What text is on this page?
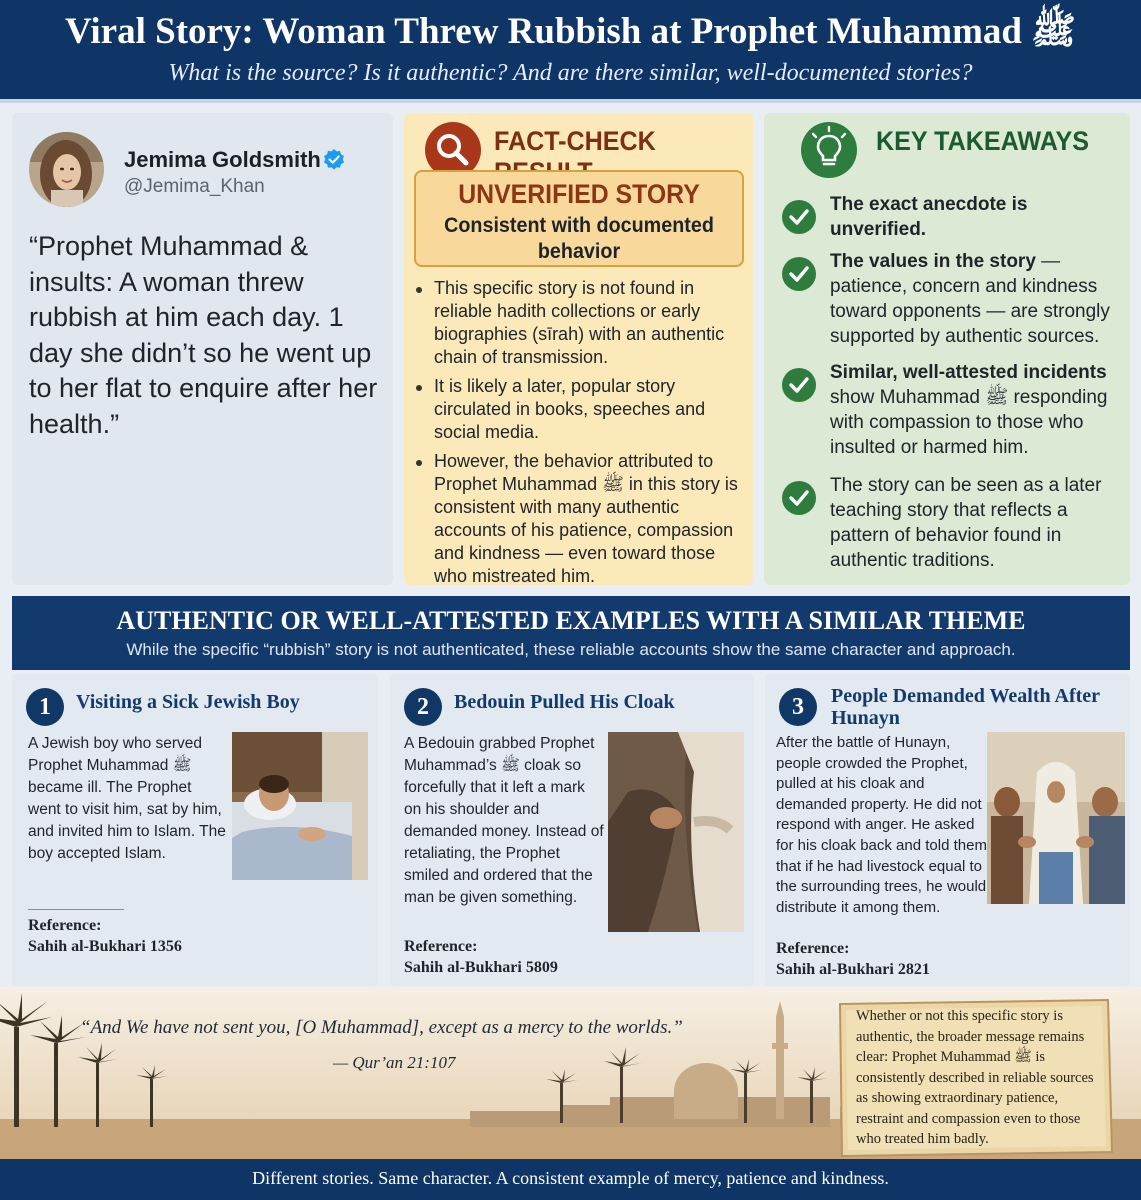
Viral Story: Woman Threw Rubbish at Prophet Muhammad ﷺ
What is the source? Is it authentic? And are there similar, well-documented stories?
Jemima Goldsmith
@Jemima_Khan
“Prophet Muhammad & insults: A woman threw rubbish at him each day. 1 day she didn’t so he went up to her flat to enquire after her health.”
FACT-CHECK
UNVERIFIED STORY
Consistent with documented behavior
This specific story is not found in reliable hadith collections or early biographies (sīrah) with an authentic chain of transmission.
It is likely a later, popular story circulated in books, speeches and social media.
However, the behavior attributed to Prophet Muhammad ﷺ in this story is consistent with many authentic accounts of his patience, compassion and kindness — even toward those who mistreated him.
KEY TAKEAWAYS
The exact anecdote is unverified.
The values in the story — patience, concern and kindness toward opponents — are strongly supported by authentic sources.
Similar, well-attested incidents show Muhammad ﷺ responding with compassion to those who insulted or harmed him.
The story can be seen as a later teaching story that reflects a pattern of behavior found in authentic traditions.
AUTHENTIC OR WELL-ATTESTED EXAMPLES WITH A SIMILAR THEME

While the specific “rubbish” story is not authenticated, these reliable accounts show the same character and approach.

1	Visiting a Sick Jewish Boy
A Jewish boy who served Prophet Muhammad ﷺ became ill. The Prophet went to visit him, sat by him, and invited him to Islam. The boy accepted Islam.
Reference:
Sahih al-Bukhari 1356
2	Bedouin Pulled His Cloak
A Bedouin grabbed Prophet Muhammad’s ﷺ cloak so forcefully that it left a mark on his shoulder and demanded money. Instead of retaliating, the Prophet smiled and ordered that the man be given something.
Reference:
Sahih al-Bukhari 5809
3	People Demanded Wealth After Hunayn
After the battle of Hunayn, people crowded the Prophet, pulled at his cloak and demanded property. He did not respond with anger. He asked for his cloak back and told them that if he had livestock equal to the surrounding trees, he would distribute it among them.
Reference:
Sahih al-Bukhari 2821
“And We have not sent you, [O Muhammad], except as a mercy to the worlds.”
— Qur’an 21:107
Whether or not this specific story is authentic, the broader message remains clear: Prophet Muhammad ﷺ is consistently described in reliable sources as showing extraordinary patience, restraint and compassion even to those who treated him badly.

Different stories. Same character. A consistent example of mercy, patience and kindness.
